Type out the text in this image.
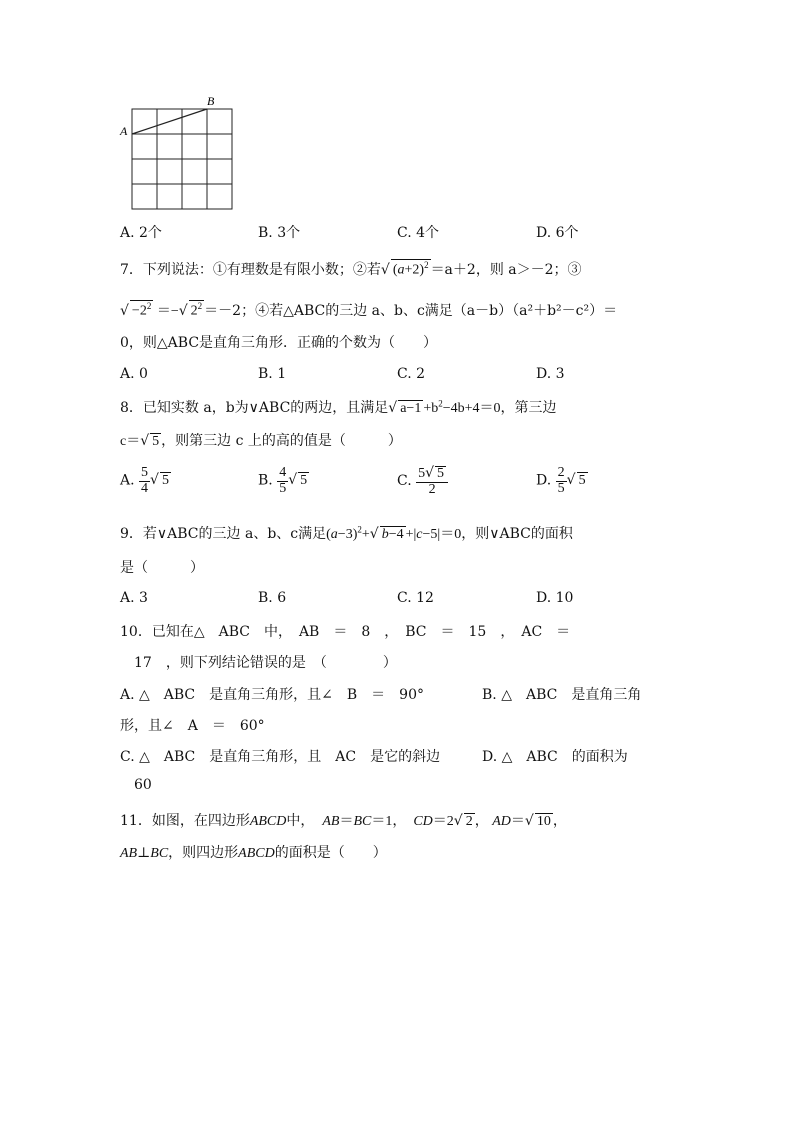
A
B
A. 2个	B. 3个	C. 4个	D. 6个
7．下列说法：①有理数是有限小数；②若√ $(a+2)^2 =a+2$，则 a＞－2；③
√ $-2^2$ ＝−√ $2^2 =-2$；④若△ABC的三边 a、b、c满足（a－b）（a²＋b²－c²）＝
0，则△ABC是直角三角形．正确的个数为（　　）
A. 0	B. 1	C. 2	D. 3
8．已知实数 a，b为∨ABC的两边，且满足√ $a-1 +b^2-4b+4=0$，第三边
c＝√ 5 ，则第三边 c 上的高的值是（　　　）
A. $\frac{5}{4}$ √ 5	B. $\frac{4}{5}$ √ 5	C. $\frac{5√ 5}{2}$	D. $\frac{2}{5}$ √ 5
9．若∨ABC的三边 a、b、c满足$(a-3)^2+√$ b−4 +|c−5|＝0，则∨ABC的面积
是（　　　）
A. 3	B. 6	C. 12	D. 10
10．已知在△　ABC　中，　AB　＝　8　，　BC　＝　15　，　AC　＝
17　，则下列结论错误的是　（　　　　）
A. △　ABC　是直角三角形，且∠　B　＝　90°	B. △　ABC　是直角三角
形，且∠　A　＝　60°
C. △　ABC　是直角三角形，且　AC　是它的斜边	D. △　ABC　的面积为
60
11．如图，在四边形ABCD中， AB＝BC＝1，  CD＝2√ 2 ， AD＝√ 10 ，
AB⊥BC，则四边形ABCD的面积是（　　）
